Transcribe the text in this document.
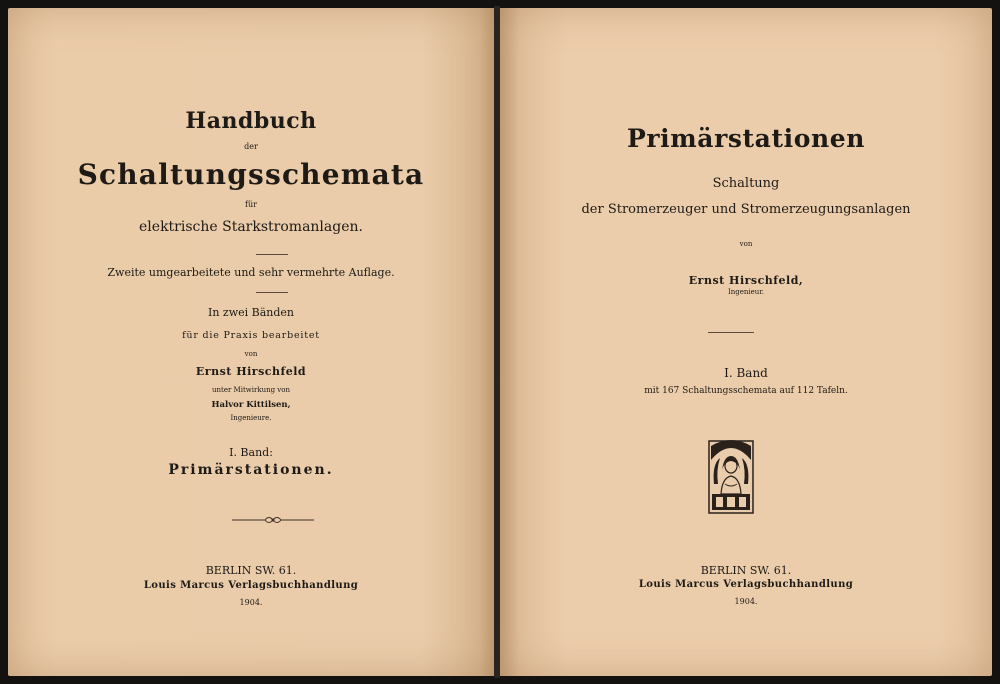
Handbuch
der
Schaltungsschemata
für
elektrische Starkstromanlagen.
Zweite umgearbeitete und sehr vermehrte Auflage.
In zwei Bänden
für die Praxis bearbeitet
von
Ernst Hirschfeld
unter Mitwirkung von
Halvor Kittilsen,
Ingenieure.
I. Band:
Primärstationen.
BERLIN SW. 61.
Louis Marcus Verlagsbuchhandlung
1904.
Primärstationen
Schaltung
der Stromerzeuger und Stromerzeugungsanlagen
von
Ernst Hirschfeld,
Ingenieur.
I. Band
mit 167 Schaltungsschemata auf 112 Tafeln.
BERLIN SW. 61.
Louis Marcus Verlagsbuchhandlung
1904.
